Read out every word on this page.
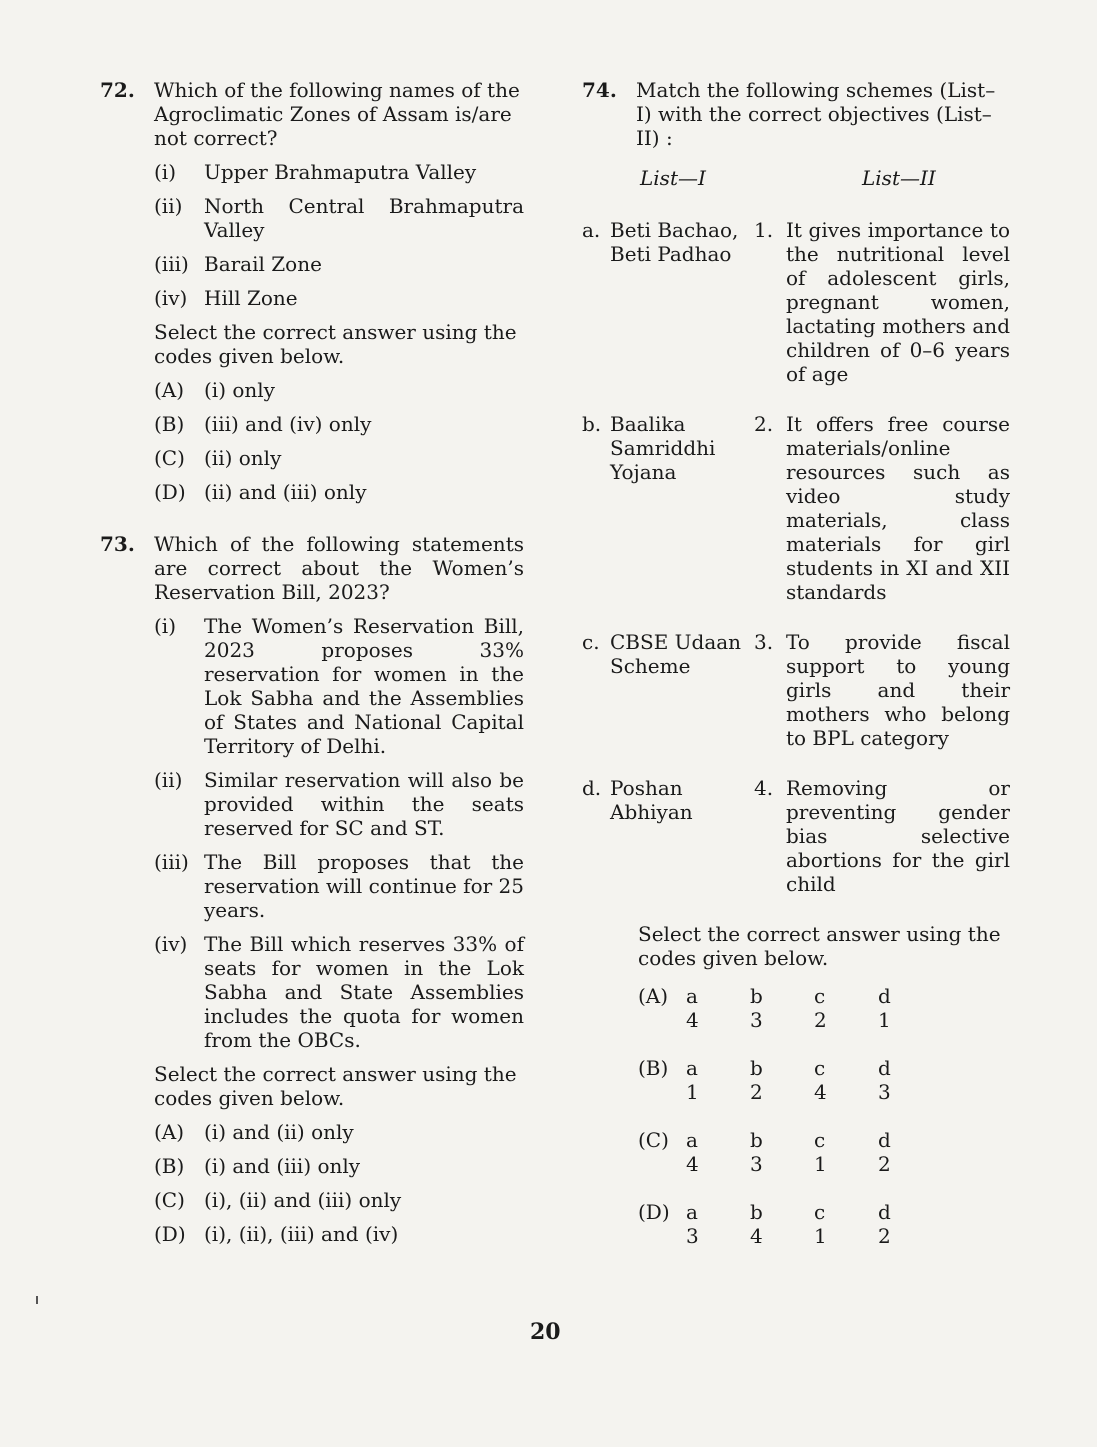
72. Which of the following names of the Agroclimatic Zones of Assam is/are not correct?
(i) Upper Brahmaputra Valley
(ii) North Central Brahmaputra Valley
(iii) Barail Zone
(iv) Hill Zone
Select the correct answer using the codes given below.
(A) (i) only
(B) (iii) and (iv) only
(C) (ii) only
(D) (ii) and (iii) only
73. Which of the following statements are correct about the Women’s Reservation Bill, 2023?
(i) The Women’s Reservation Bill, 2023 proposes 33% reservation for women in the Lok Sabha and the Assemblies of States and National Capital Territory of Delhi.
(ii) Similar reservation will also be provided within the seats reserved for SC and ST.
(iii) The Bill proposes that the reservation will continue for 25 years.
(iv) The Bill which reserves 33% of seats for women in the Lok Sabha and State Assemblies includes the quota for women from the OBCs.
Select the correct answer using the codes given below.
(A) (i) and (ii) only
(B) (i) and (iii) only
(C) (i), (ii) and (iii) only
(D) (i), (ii), (iii) and (iv)
74. Match the following schemes (List–I) with the correct objectives (List–II) :
List—I	List—II
a. Beti Bachao, Beti Padhao
1. It gives importance to the nutritional level of adolescent girls, pregnant women, lactating mothers and children of 0–6 years of age
b. Baalika Samriddhi Yojana
2. It offers free course materials/online resources such as video study materials, class materials for girl students in XI and XII standards
c. CBSE Udaan Scheme
3. To provide fiscal support to young girls and their mothers who belong to BPL category
d. Poshan Abhiyan
4. Removing or preventing gender bias selective abortions for the girl child
Select the correct answer using the codes given below.
(A) a	b	c	d
4	3	2	1
(B) a	b	c	d
1	2	4	3
(C) a	b	c	d
4	3	1	2
(D) a	b	c	d
3	4	1	2
20
